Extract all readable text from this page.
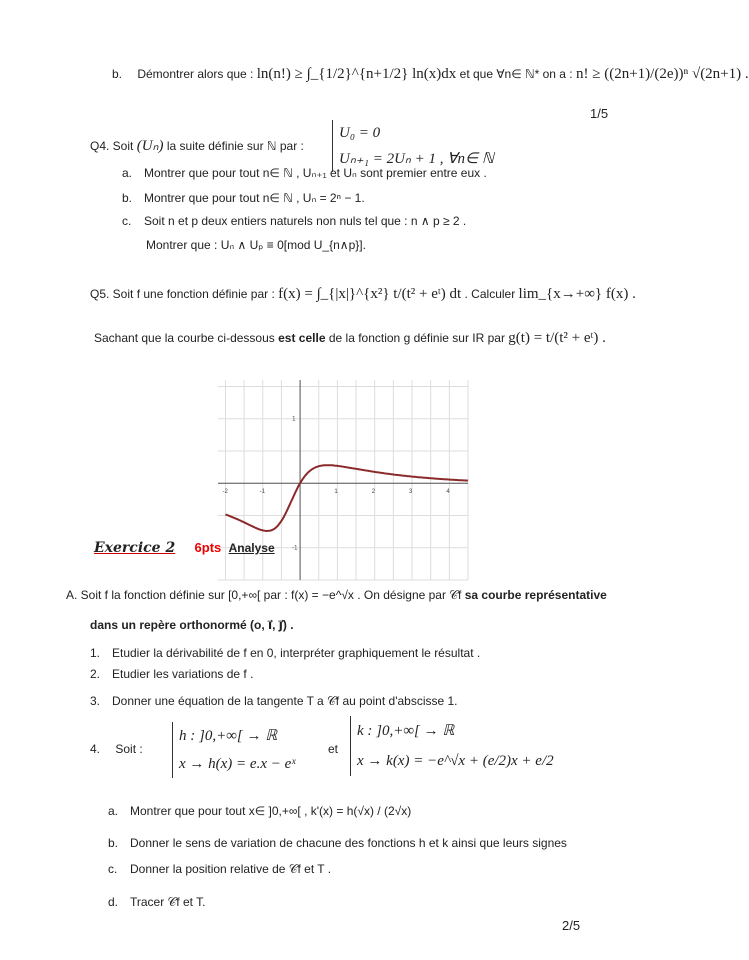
b. Démontrer alors que : ln(n!) ≥ ∫_{1/2}^{n+1/2} ln(x)dx et que ∀n∈ ℕ* on a : n! ≥ ((2n+1)/(2e))ⁿ √(2n+1) .
1/5
Q4. Soit (Uₙ) la suite définie sur ℕ par :
U₀ = 0
Uₙ₊₁ = 2Uₙ + 1 , ∀n∈ ℕ
a. Montrer que pour tout n∈ ℕ , Uₙ₊₁ et Uₙ sont premier entre eux .
b. Montrer que pour tout n∈ ℕ , Uₙ = 2ⁿ − 1.
c. Soit n et p deux entiers naturels non nuls tel que : n ∧ p ≥ 2 .
Montrer que : Uₙ ∧ Uₚ ≡ 0[mod U_{n∧p}].
Q5. Soit f une fonction définie par : f(x) = ∫_{|x|}^{x²} t/(t² + eᵗ) dt . Calculer lim_{x→+∞} f(x) .
Sachant que la courbe ci-dessous est celle de la fonction g définie sur IR par g(t) = t/(t² + eᵗ) .
-2	-1	1	2	3	4
1
-1
Exercice 2 6pts Analyse
A. Soit f la fonction définie sur [0,+∞[ par : f(x) = −e^√x . On désigne par 𝒞f sa courbe représentative
dans un repère orthonormé (o, i⃗, j⃗) .
1. Etudier la dérivabilité de f en 0, interpréter graphiquement le résultat .
2. Etudier les variations de f .
3. Donner une équation de la tangente T a 𝒞f au point d'abscisse 1.
4. Soit :
h : ]0,+∞[ → ℝ
x → h(x) = e.x − eˣ
et
k : ]0,+∞[ → ℝ
x → k(x) = −e^√x + (e/2)x + e/2
a. Montrer que pour tout x∈ ]0,+∞[ , k'(x) = h(√x) / (2√x)
b. Donner le sens de variation de chacune des fonctions h et k ainsi que leurs signes
c. Donner la position relative de 𝒞f et T .
d. Tracer 𝒞f et T.
2/5
